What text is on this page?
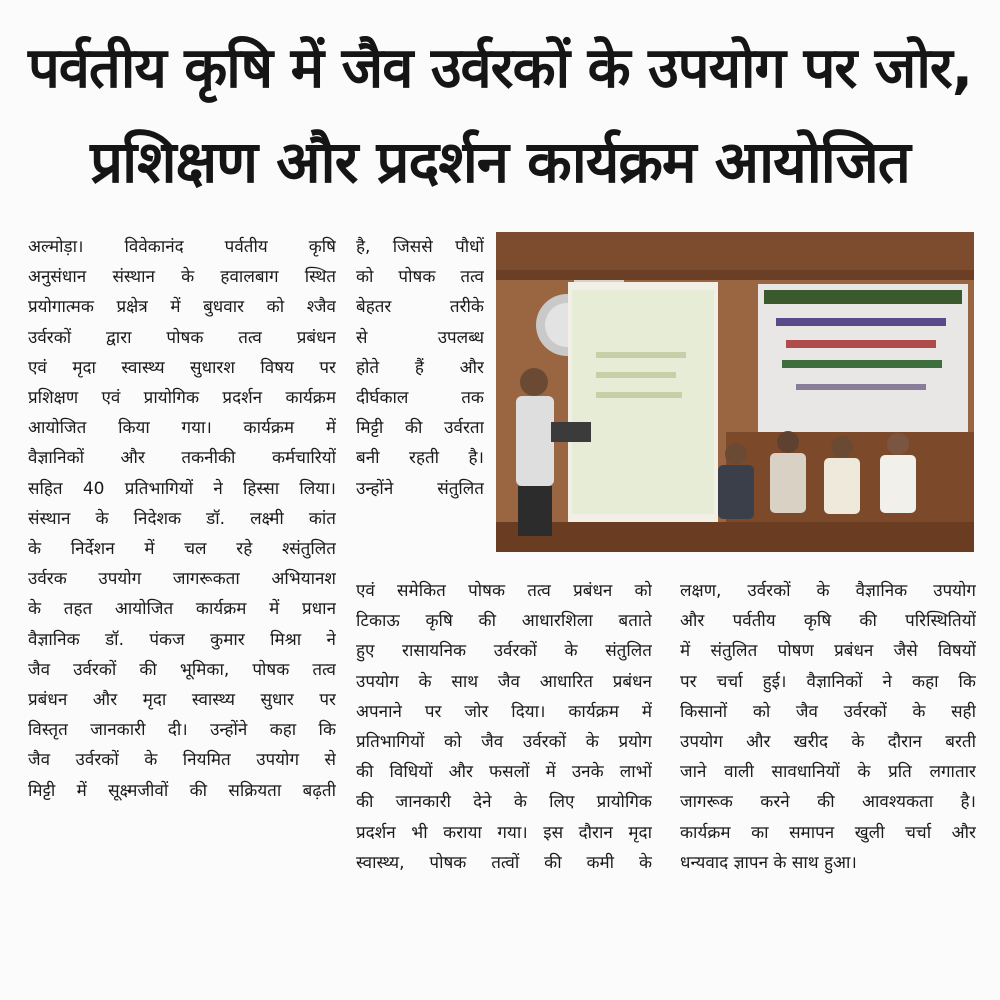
पर्वतीय कृषि में जैव उर्वरकों के उपयोग पर जोर,
प्रशिक्षण और प्रदर्शन कार्यक्रम आयोजित

अल्मोड़ा। विवेकानंद पर्वतीय कृषि

अनुसंधान संस्थान के हवालबाग स्थित

प्रयोगात्मक प्रक्षेत्र में बुधवार को श्जैव

उर्वरकों द्वारा पोषक तत्व प्रबंधन

एवं मृदा स्वास्थ्य सुधारश विषय पर

प्रशिक्षण एवं प्रायोगिक प्रदर्शन कार्यक्रम

आयोजित किया गया। कार्यक्रम में

वैज्ञानिकों और तकनीकी कर्मचारियों

सहित 40 प्रतिभागियों ने हिस्सा लिया।

संस्थान के निदेशक डॉ. लक्ष्मी कांत

के निर्देशन में चल रहे श्संतुलित

उर्वरक उपयोग जागरूकता अभियानश

के तहत आयोजित कार्यक्रम में प्रधान

वैज्ञानिक डॉ. पंकज कुमार मिश्रा ने

जैव उर्वरकों की भूमिका, पोषक तत्व

प्रबंधन और मृदा स्वास्थ्य सुधार पर

विस्तृत जानकारी दी। उन्होंने कहा कि

जैव उर्वरकों के नियमित उपयोग से

मिट्टी में सूक्ष्मजीवों की सक्रियता बढ़ती

है, जिससे पौधों

को पोषक तत्व

बेहतर तरीके

से उपलब्ध

होते हैं और

दीर्घकाल तक

मिट्टी की उर्वरता

बनी रहती है।

उन्होंने संतुलित

एवं समेकित पोषक तत्व प्रबंधन को

टिकाऊ कृषि की आधारशिला बताते

हुए रासायनिक उर्वरकों के संतुलित

उपयोग के साथ जैव आधारित प्रबंधन

अपनाने पर जोर दिया। कार्यक्रम में

प्रतिभागियों को जैव उर्वरकों के प्रयोग

की विधियों और फसलों में उनके लाभों

की जानकारी देने के लिए प्रायोगिक

प्रदर्शन भी कराया गया। इस दौरान मृदा

स्वास्थ्य, पोषक तत्वों की कमी के

लक्षण, उर्वरकों के वैज्ञानिक उपयोग

और पर्वतीय कृषि की परिस्थितियों

में संतुलित पोषण प्रबंधन जैसे विषयों

पर चर्चा हुई। वैज्ञानिकों ने कहा कि

किसानों को जैव उर्वरकों के सही

उपयोग और खरीद के दौरान बरती

जाने वाली सावधानियों के प्रति लगातार

जागरूक करने की आवश्यकता है।

कार्यक्रम का समापन खुली चर्चा और

धन्यवाद ज्ञापन के साथ हुआ।
